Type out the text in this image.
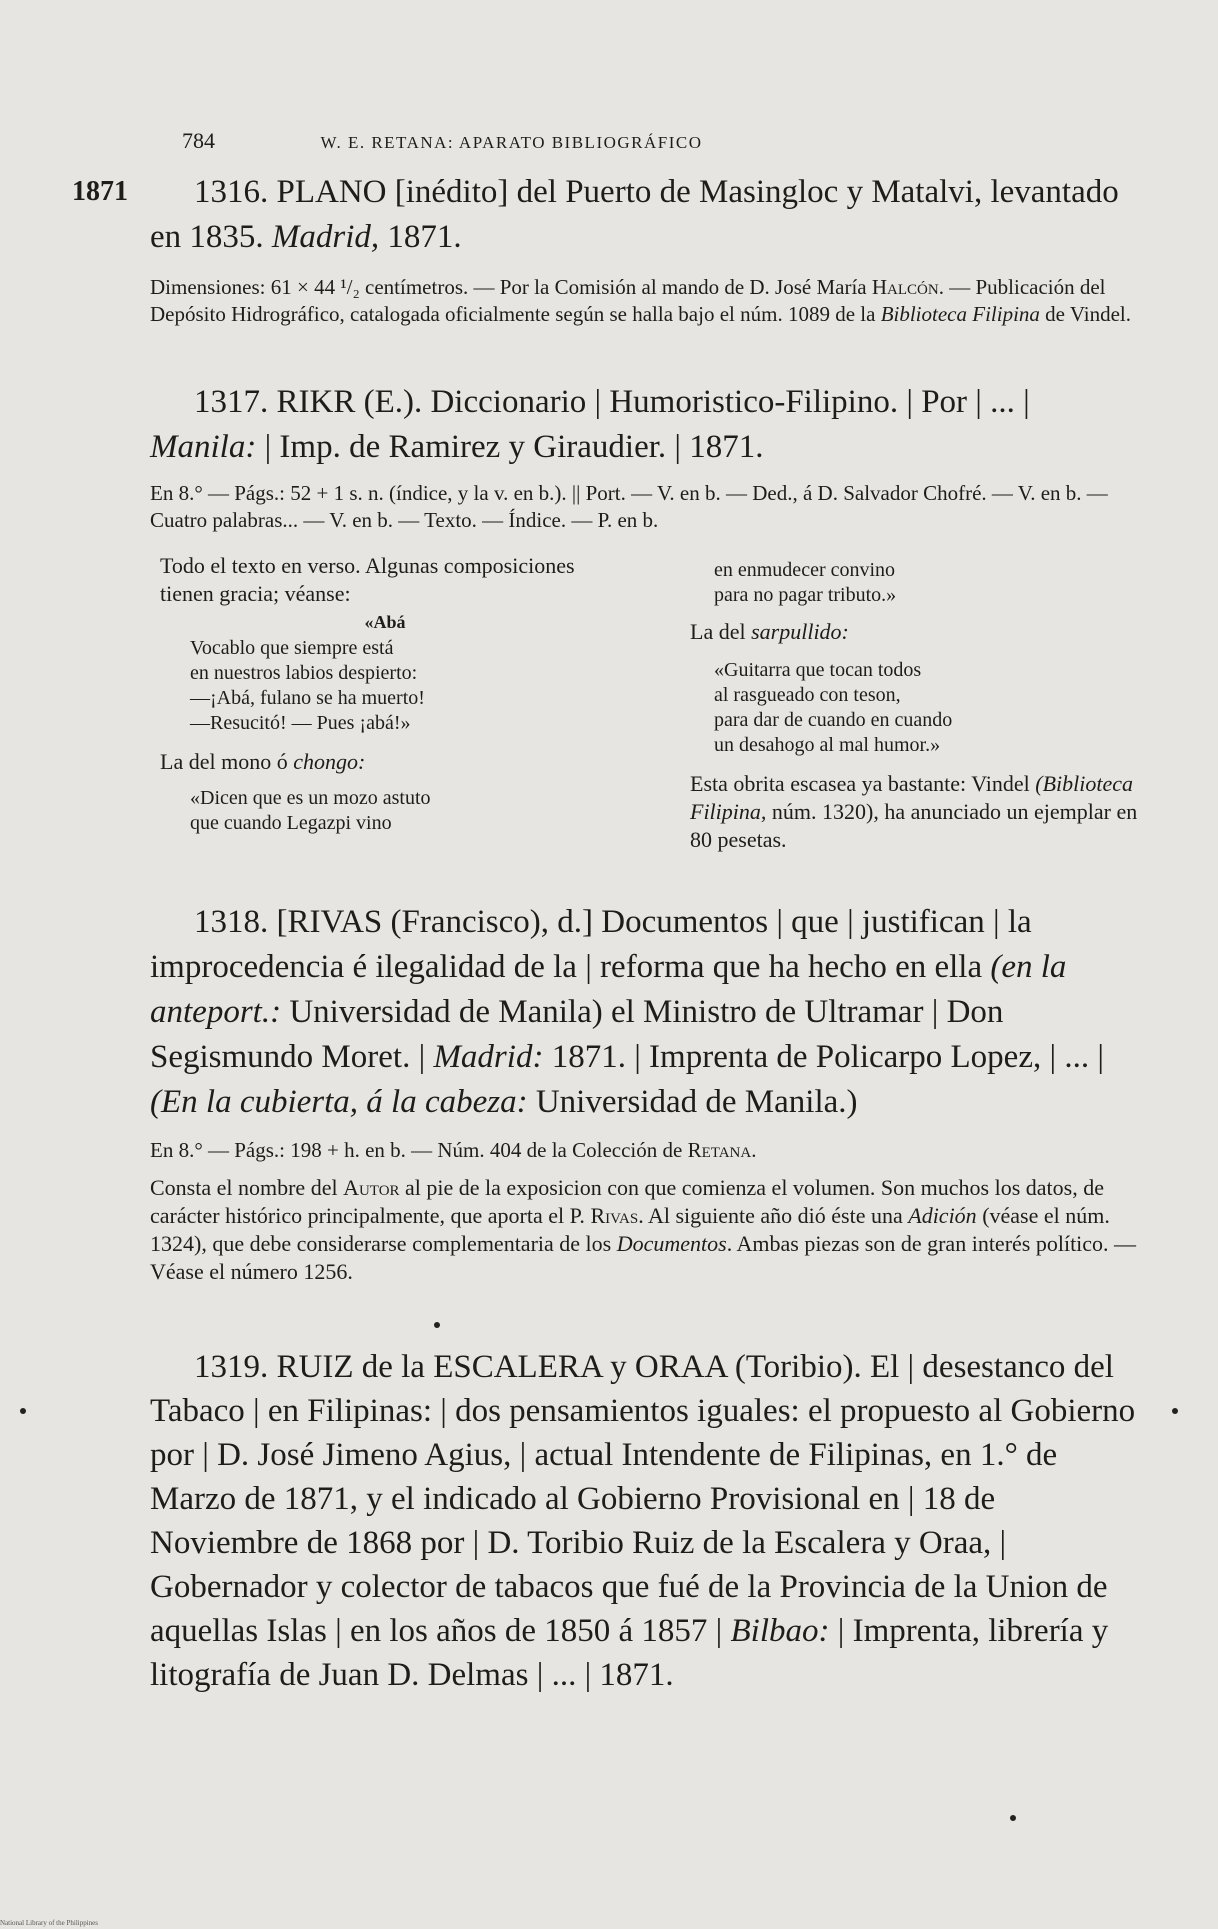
784	W. E. RETANA: APARATO BIBLIOGRÁFICO
1871	1316. PLANO [inédito] del Puerto de Masingloc y Matalvi, levantado en 1835. Madrid, 1871.

Dimensiones: 61 × 44 ¹/₂ centímetros. — Por la Comisión al mando de D. José María Halcón. — Publicación del Depósito Hidrográfico, catalogada oficialmente según se halla bajo el núm. 1089 de la Biblioteca Filipina de Vindel.

1317. RIKR (E.). Diccionario | Humoristico-Filipino. | Por | ... | Manila: | Imp. de Ramirez y Giraudier. | 1871.

En 8.° — Págs.: 52 + 1 s. n. (índice, y la v. en b.). || Port. — V. en b. — Ded., á D. Salvador Chofré. — V. en b. — Cuatro palabras... — V. en b. — Texto. — Índice. — P. en b.

Todo el texto en verso. Algunas composiciones tienen gracia; véanse:

«Abá

Vocablo que siempre está

en nuestros labios despierto:

—¡Abá, fulano se ha muerto!

—Resucitó! — Pues ¡abá!»

La del mono ó chongo:

«Dicen que es un mozo astuto

que cuando Legazpi vino

en enmudecer convino

para no pagar tributo.»

La del sarpullido:

«Guitarra que tocan todos

al rasgueado con teson,

para dar de cuando en cuando

un desahogo al mal humor.»

Esta obrita escasea ya bastante: Vindel (Biblioteca Filipina, núm. 1320), ha anunciado un ejemplar en 80 pesetas.

1318. [RIVAS (Francisco), d.] Documentos | que | justifican | la improcedencia é ilegalidad de la | reforma que ha hecho en ella (en la anteport.: Universidad de Manila) el Ministro de Ultramar | Don Segismundo Moret. | Madrid: 1871. | Imprenta de Policarpo Lopez, | ... | (En la cubierta, á la cabeza: Universidad de Manila.)

En 8.° — Págs.: 198 + h. en b. — Núm. 404 de la Colección de Retana.

Consta el nombre del Autor al pie de la exposicion con que comienza el volumen. Son muchos los datos, de carácter histórico principalmente, que aporta el P. Rivas. Al siguiente año dió éste una Adición (véase el núm. 1324), que debe considerarse complementaria de los Documentos. Ambas piezas son de gran interés político. — Véase el número 1256.

1319. RUIZ de la ESCALERA y ORAA (Toribio). El | desestanco del Tabaco | en Filipinas: | dos pensamientos iguales: el propuesto al Gobierno por | D. José Jimeno Agius, | actual Intendente de Filipinas, en 1.° de Marzo de 1871, y el indicado al Gobierno Provisional en | 18 de Noviembre de 1868 por | D. Toribio Ruiz de la Escalera y Oraa, | Gobernador y colector de tabacos que fué de la Provincia de la Union de aquellas Islas | en los años de 1850 á 1857 | Bilbao: | Imprenta, librería y litografía de Juan D. Delmas | ... | 1871.

National Library of the Philippines
